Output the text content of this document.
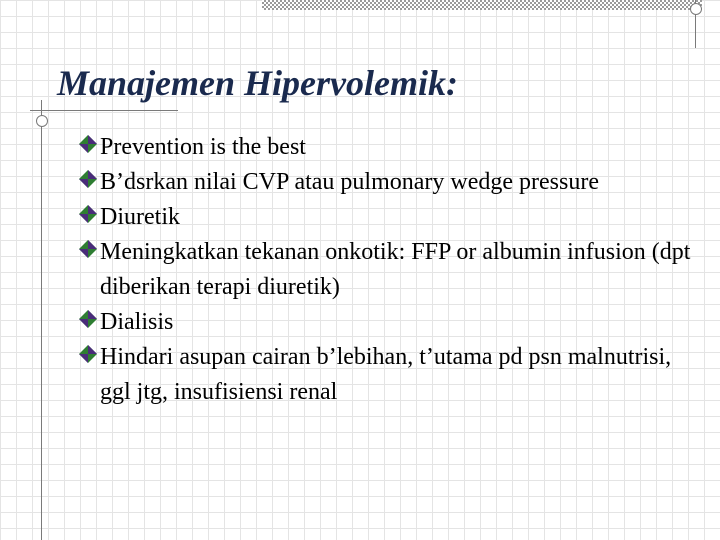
Manajemen Hipervolemik:
Prevention is the best
B’dsrkan nilai CVP atau pulmonary wedge pressure
Diuretik
Meningkatkan tekanan onkotik: FFP or albumin infusion (dpt diberikan terapi diuretik)
Dialisis
Hindari asupan cairan b’lebihan, t’utama pd psn malnutrisi, ggl jtg, insufisiensi renal
